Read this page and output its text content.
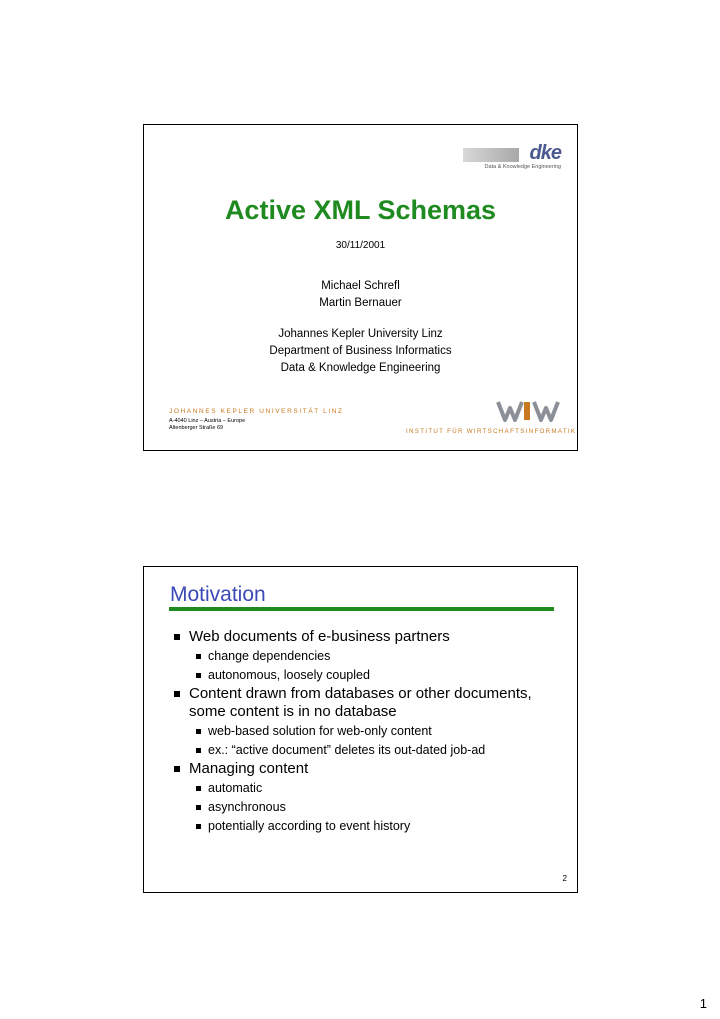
dke
Data & Knowledge Engineering
Active XML Schemas
30/11/2001
Michael Schrefl
Martin Bernauer
Johannes Kepler University Linz
Department of Business Informatics
Data & Knowledge Engineering
JOHANNES KEPLER UNIVERSITÄT LINZ
A-4040 Linz – Austria – Europe
Altenberger Straße 69	INSTITUT FÜR WIRTSCHAFTSINFORMATIK
Motivation
Web documents of e-business partners
change dependencies
autonomous, loosely coupled
Content drawn from databases or other documents, some content is in no database
web-based solution for web-only content
ex.: “active document” deletes its out-dated job-ad
Managing content
automatic
asynchronous
potentially according to event history
2
1
